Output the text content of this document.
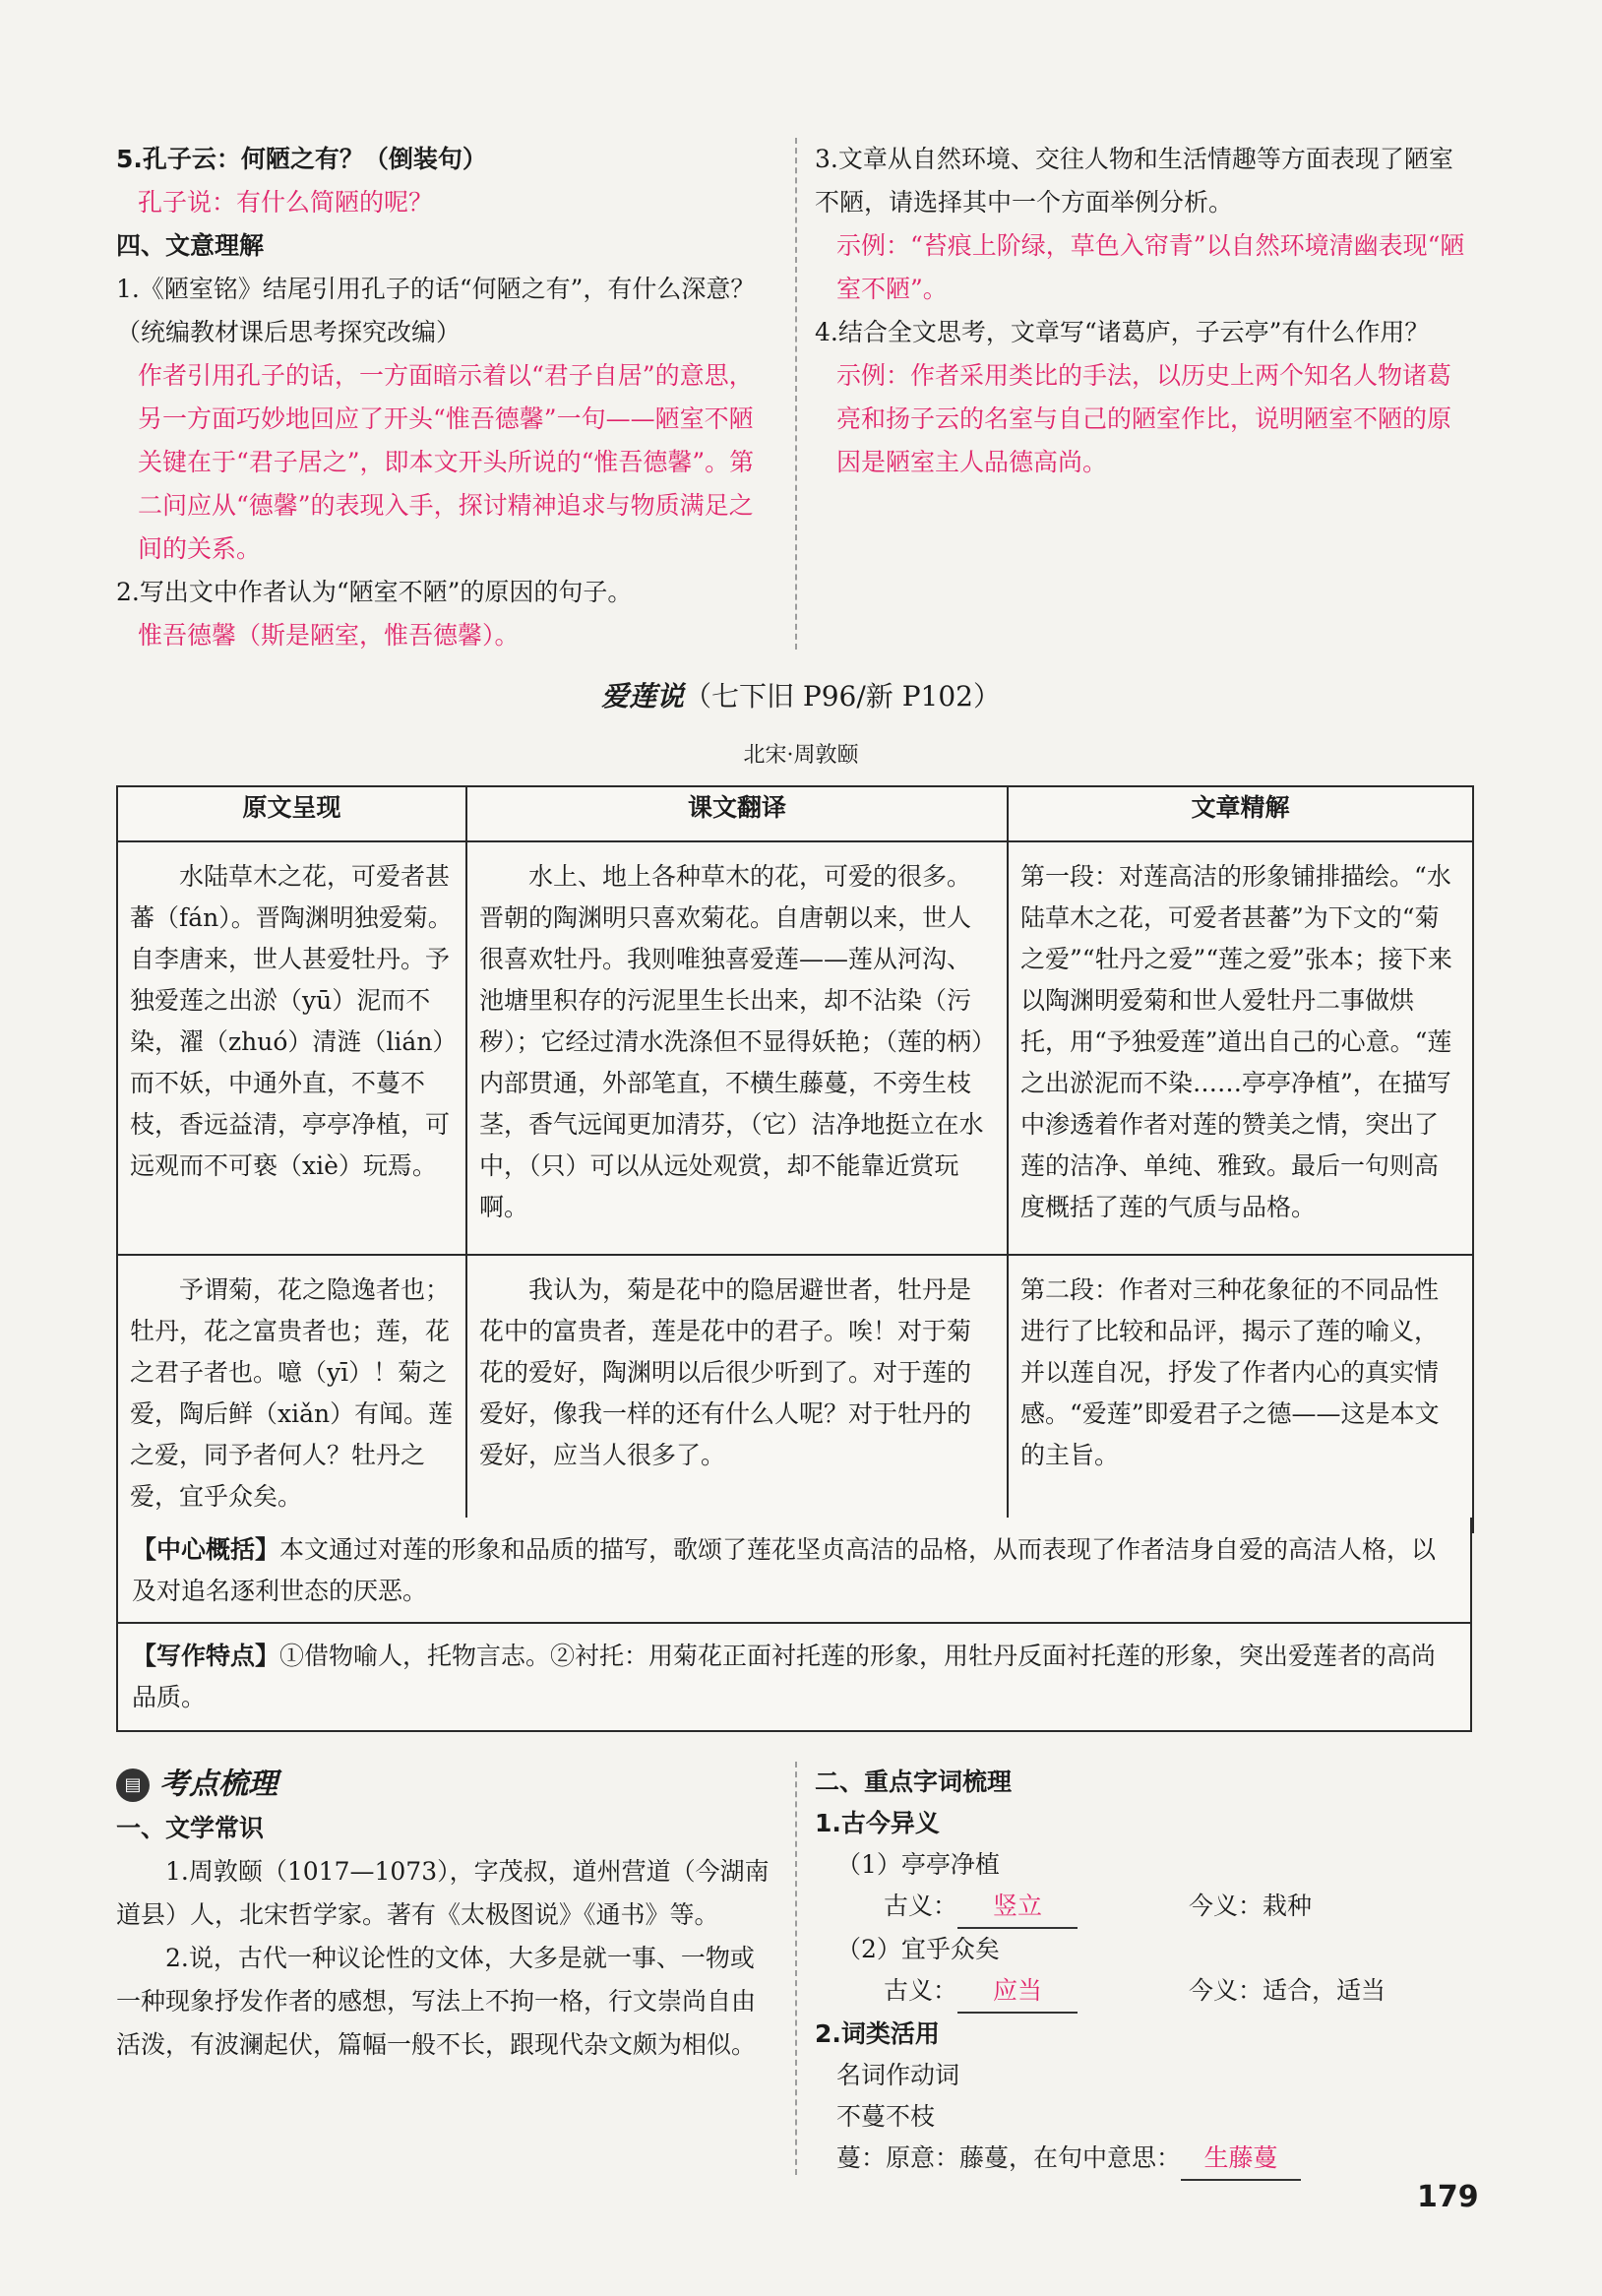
5.孔子云：何陋之有？（倒装句）
孔子说：有什么简陋的呢？
四、文意理解
1.《陋室铭》结尾引用孔子的话“何陋之有”，有什么深意？（统编教材课后思考探究改编）
作者引用孔子的话，一方面暗示着以“君子自居”的意思，另一方面巧妙地回应了开头“惟吾德馨”一句——陋室不陋关键在于“君子居之”，即本文开头所说的“惟吾德馨”。第二问应从“德馨”的表现入手，探讨精神追求与物质满足之间的关系。
2.写出文中作者认为“陋室不陋”的原因的句子。
惟吾德馨（斯是陋室，惟吾德馨）。
3.文章从自然环境、交往人物和生活情趣等方面表现了陋室不陋，请选择其中一个方面举例分析。
示例：“苔痕上阶绿，草色入帘青”以自然环境清幽表现“陋室不陋”。
4.结合全文思考，文章写“诸葛庐，子云亭”有什么作用？
示例：作者采用类比的手法，以历史上两个知名人物诸葛亮和扬子云的名室与自己的陋室作比，说明陋室不陋的原因是陋室主人品德高尚。
爱莲说（七下旧 P96/新 P102）
北宋·周敦颐
原文呈现	课文翻译	文章精解
水陆草木之花，可爱者甚蕃（fán）。晋陶渊明独爱菊。自李唐来，世人甚爱牡丹。予独爱莲之出淤（yū）泥而不染，濯（zhuó）清涟（lián）而不妖，中通外直，不蔓不枝，香远益清，亭亭净植，可远观而不可亵（xiè）玩焉。	水上、地上各种草木的花，可爱的很多。晋朝的陶渊明只喜欢菊花。自唐朝以来，世人很喜欢牡丹。我则唯独喜爱莲——莲从河沟、池塘里积存的污泥里生长出来，却不沾染（污秽）；它经过清水洗涤但不显得妖艳；（莲的柄）内部贯通，外部笔直，不横生藤蔓，不旁生枝茎，香气远闻更加清芬，（它）洁净地挺立在水中，（只）可以从远处观赏，却不能靠近赏玩啊。	第一段：对莲高洁的形象铺排描绘。“水陆草木之花，可爱者甚蕃”为下文的“菊之爱”“牡丹之爱”“莲之爱”张本；接下来以陶渊明爱菊和世人爱牡丹二事做烘托，用“予独爱莲”道出自己的心意。“莲之出淤泥而不染……亭亭净植”，在描写中渗透着作者对莲的赞美之情，突出了莲的洁净、单纯、雅致。最后一句则高度概括了莲的气质与品格。
予谓菊，花之隐逸者也；牡丹，花之富贵者也；莲，花之君子者也。噫（yī）！菊之爱，陶后鲜（xiǎn）有闻。莲之爱，同予者何人？牡丹之爱，宜乎众矣。	我认为，菊是花中的隐居避世者，牡丹是花中的富贵者，莲是花中的君子。唉！对于菊花的爱好，陶渊明以后很少听到了。对于莲的爱好，像我一样的还有什么人呢？对于牡丹的爱好，应当人很多了。	第二段：作者对三种花象征的不同品性进行了比较和品评，揭示了莲的喻义，并以莲自况，抒发了作者内心的真实情感。“爱莲”即爱君子之德——这是本文的主旨。
【中心概括】本文通过对莲的形象和品质的描写，歌颂了莲花坚贞高洁的品格，从而表现了作者洁身自爱的高洁人格，以及对追名逐利世态的厌恶。
【写作特点】①借物喻人，托物言志。②衬托：用菊花正面衬托莲的形象，用牡丹反面衬托莲的形象，突出爱莲者的高尚品质。
▤ 考点梳理
一、文学常识
1.周敦颐（1017—1073），字茂叔，道州营道（今湖南道县）人，北宋哲学家。著有《太极图说》《通书》等。
2.说，古代一种议论性的文体，大多是就一事、一物或一种现象抒发作者的感想，写法上不拘一格，行文崇尚自由活泼，有波澜起伏，篇幅一般不长，跟现代杂文颇为相似。
二、重点字词梳理
1.古今异义
（1）亭亭净植
古义： 竖立	今义：栽种
（2）宜乎众矣
古义： 应当	今义：适合，适当
2.词类活用
名词作动词
不蔓不枝
蔓：原意：藤蔓，在句中意思： 生藤蔓
179
